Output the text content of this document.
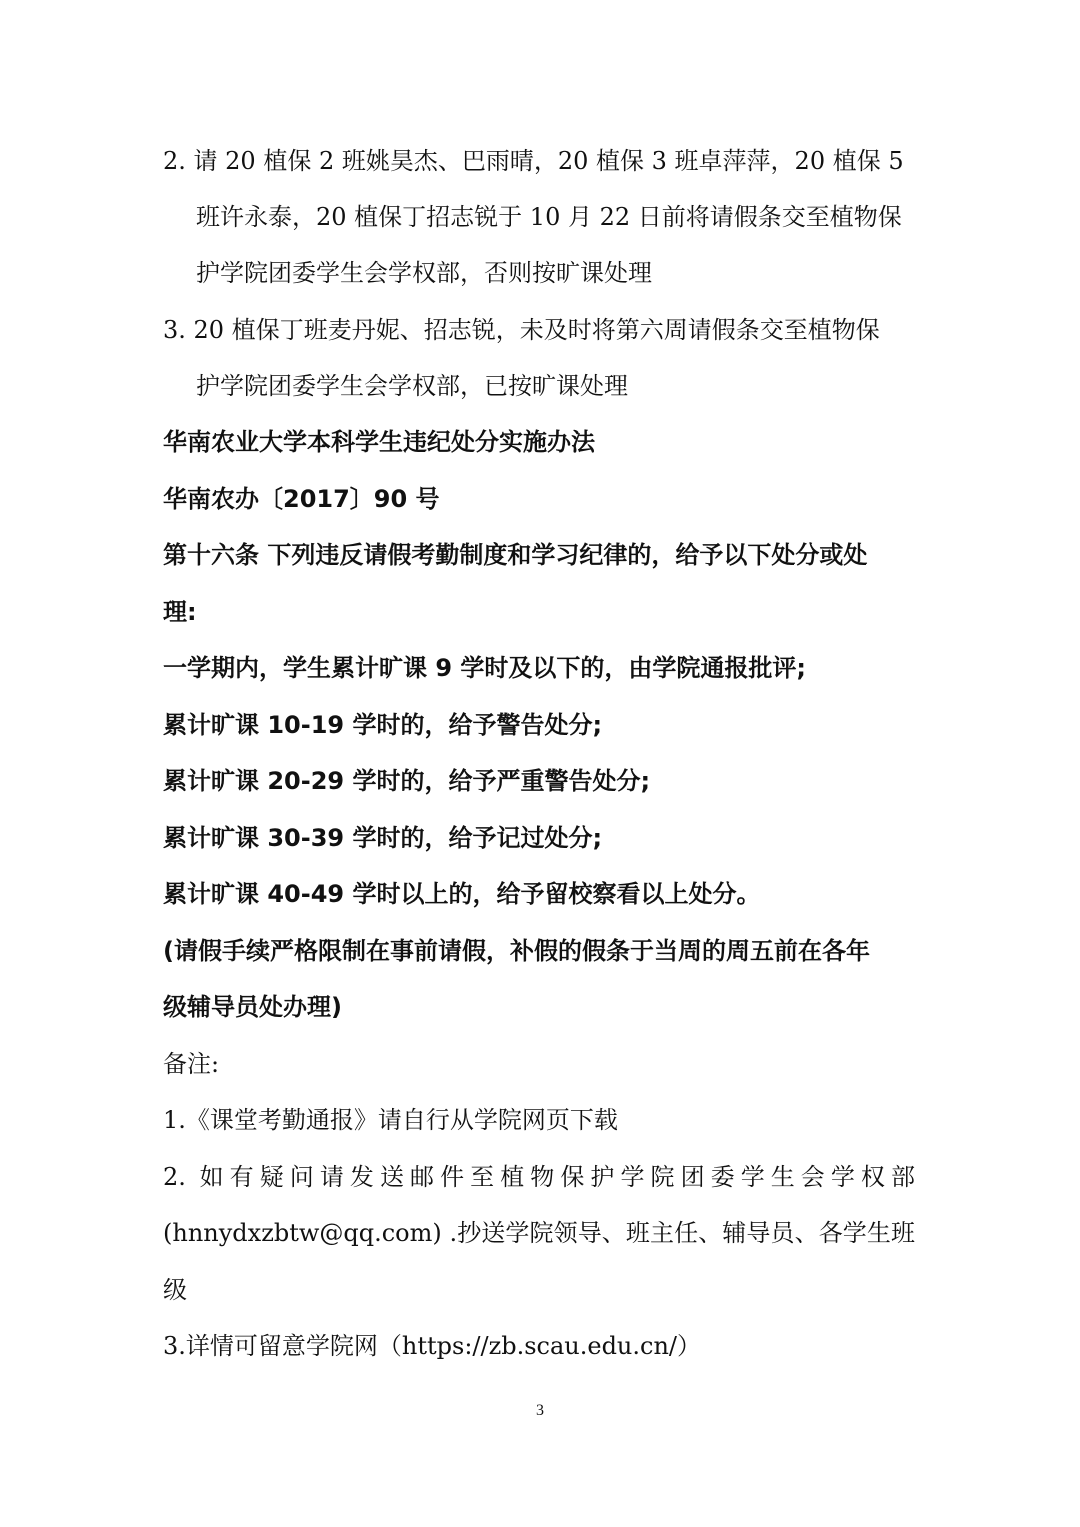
2. 请 20 植保 2 班姚昊杰、巴雨晴，20 植保 3 班卓萍萍，20 植保 5
班许永泰，20 植保丁招志锐于 10 月 22 日前将请假条交至植物保
护学院团委学生会学权部，否则按旷课处理
3. 20 植保丁班麦丹妮、招志锐，未及时将第六周请假条交至植物保
护学院团委学生会学权部，已按旷课处理
华南农业大学本科学生违纪处分实施办法
华南农办〔2017〕90 号
第十六条 下列违反请假考勤制度和学习纪律的，给予以下处分或处
理:
一学期内，学生累计旷课 9 学时及以下的，由学院通报批评;
累计旷课 10-19 学时的，给予警告处分;
累计旷课 20-29 学时的，给予严重警告处分;
累计旷课 30-39 学时的，给予记过处分;
累计旷课 40-49 学时以上的，给予留校察看以上处分。
(请假手续严格限制在事前请假，补假的假条于当周的周五前在各年
级辅导员处办理)
备注:
1.《课堂考勤通报》请自行从学院网页下载
2. 如有疑问请发送邮件至植物保护学院团委学生会学权部
(hnnydxzbtw@qq.com) .抄送学院领导、班主任、辅导员、各学生班
级
3.详情可留意学院网（https://zb.scau.edu.cn/）
3
